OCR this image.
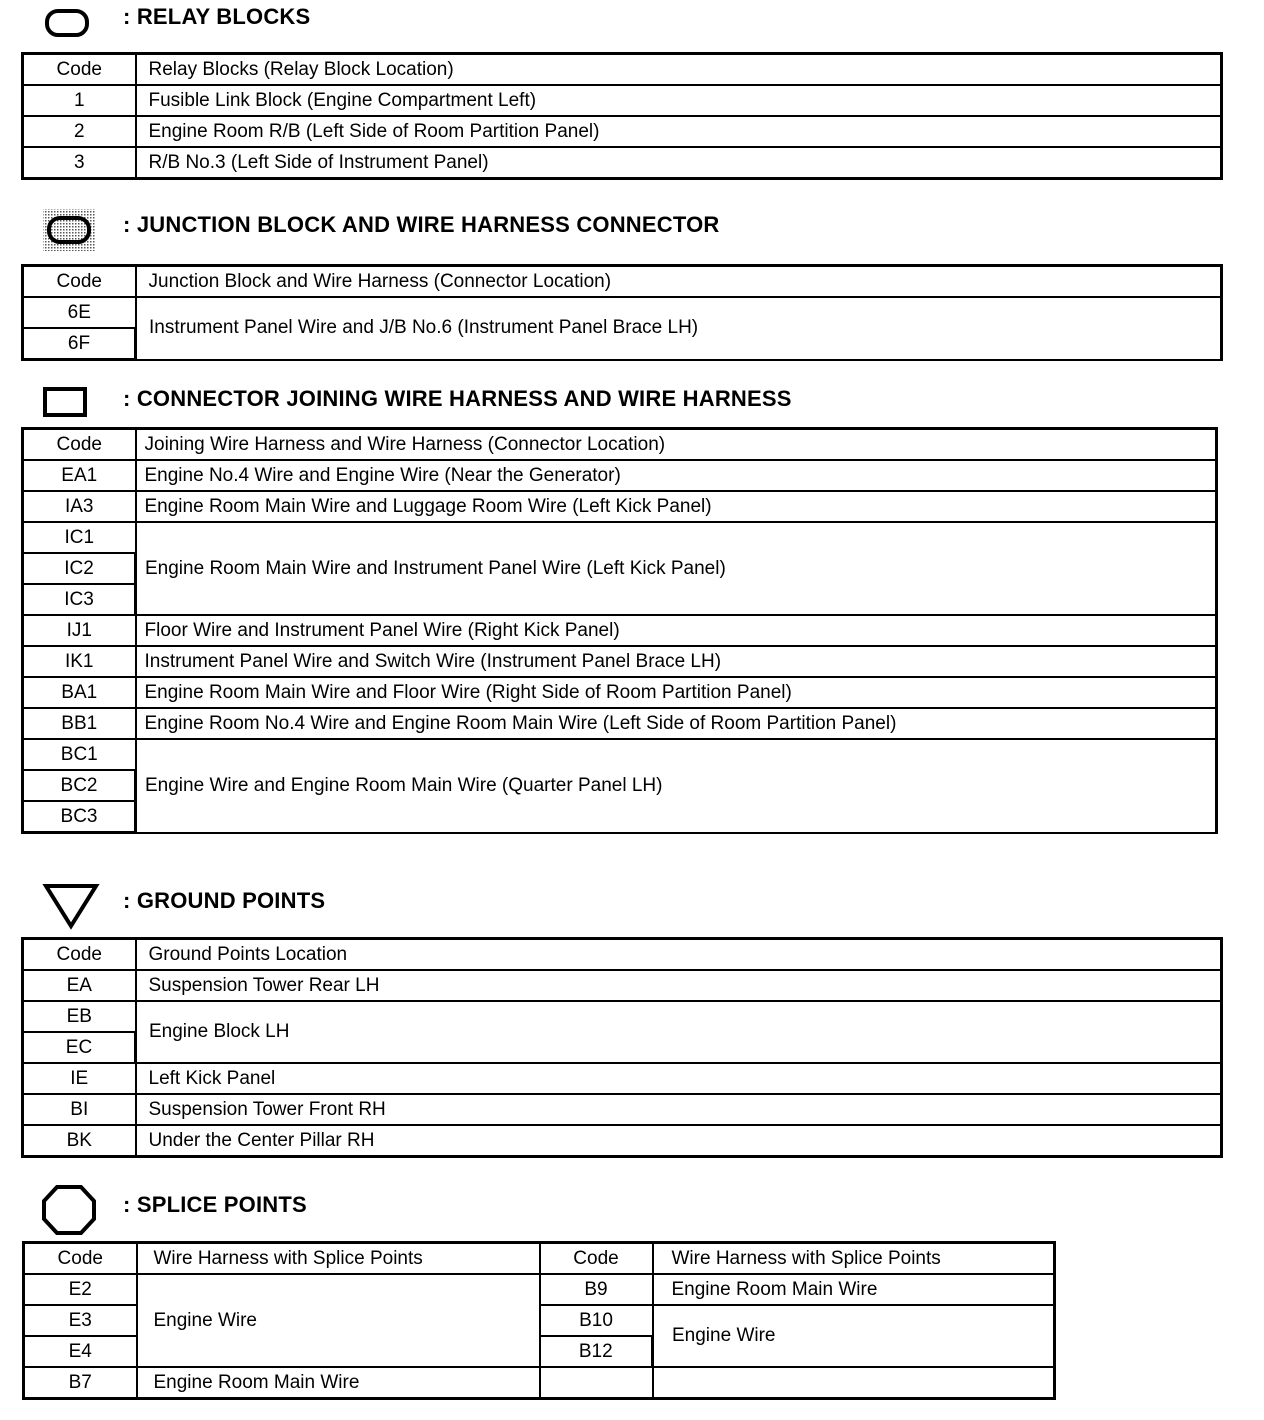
: RELAY BLOCKS
Code	Relay Blocks (Relay Block Location)
1	Fusible Link Block (Engine Compartment Left)
2	Engine Room R/B (Left Side of Room Partition Panel)
3	R/B No.3 (Left Side of Instrument Panel)
: JUNCTION BLOCK AND WIRE HARNESS CONNECTOR
Code	Junction Block and Wire Harness (Connector Location)
6E	Instrument Panel Wire and J/B No.6 (Instrument Panel Brace LH)
6F	
: CONNECTOR JOINING WIRE HARNESS AND WIRE HARNESS
Code	Joining Wire Harness and Wire Harness (Connector Location)
EA1	Engine No.4 Wire and Engine Wire (Near the Generator)
IA3	Engine Room Main Wire and Luggage Room Wire (Left Kick Panel)
IC1	Engine Room Main Wire and Instrument Panel Wire (Left Kick Panel)
IC2	
IC3	
IJ1	Floor Wire and Instrument Panel Wire (Right Kick Panel)
IK1	Instrument Panel Wire and Switch Wire (Instrument Panel Brace LH)
BA1	Engine Room Main Wire and Floor Wire (Right Side of Room Partition Panel)
BB1	Engine Room No.4 Wire and Engine Room Main Wire (Left Side of Room Partition Panel)
BC1	Engine Wire and Engine Room Main Wire (Quarter Panel LH)
BC2	
BC3	
: GROUND POINTS
Code	Ground Points Location
EA	Suspension Tower Rear LH
EB	Engine Block LH
EC	
IE	Left Kick Panel
BI	Suspension Tower Front RH
BK	Under the Center Pillar RH
: SPLICE POINTS
Code	Wire Harness with Splice Points	Code	Wire Harness with Splice Points
E2	Engine Wire	B9	Engine Room Main Wire
E3		B10	Engine Wire
E4		B12	
B7	Engine Room Main Wire		
